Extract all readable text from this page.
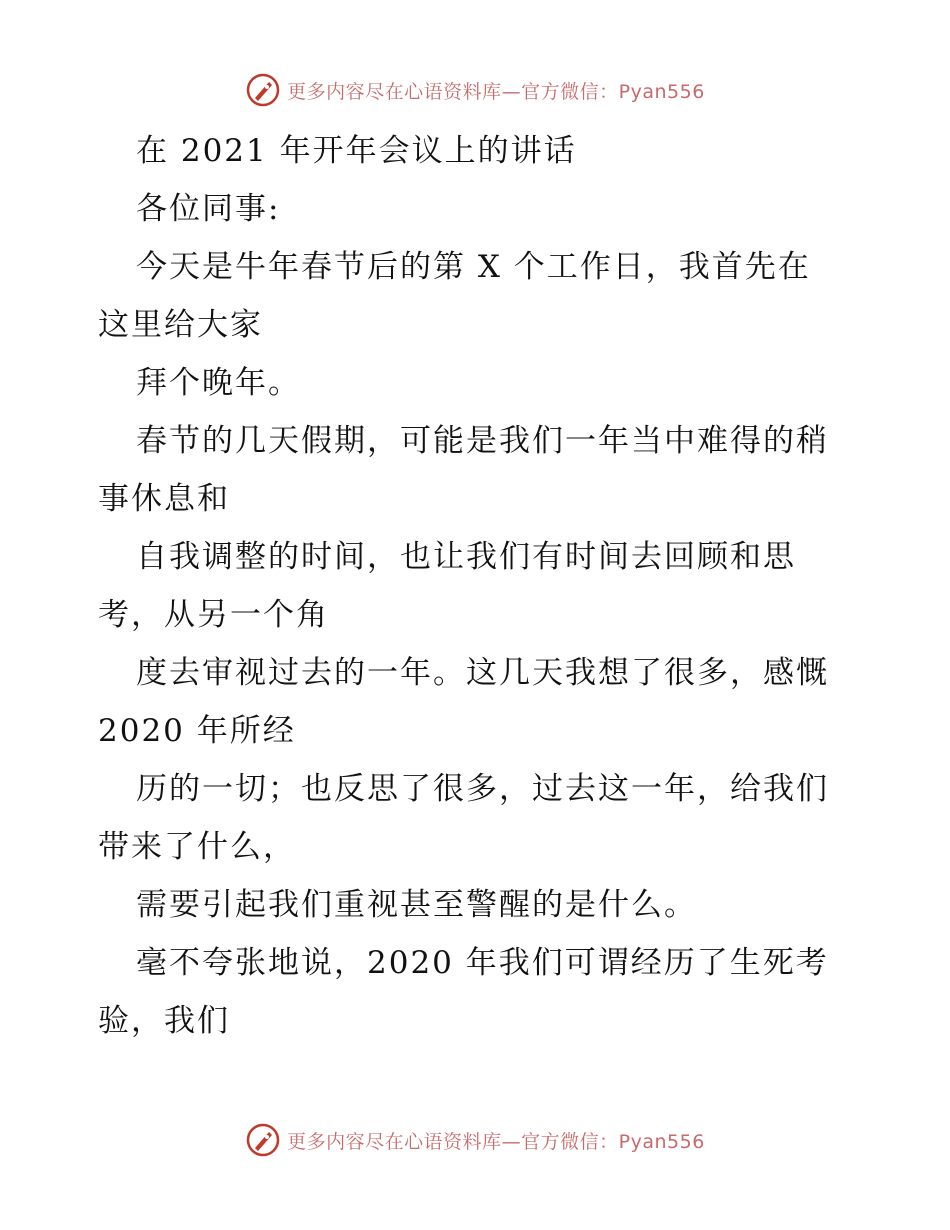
更多内容尽在心语资料库—官方微信：Pyan556
在 2021 年开年会议上的讲话
各位同事:
今天是牛年春节后的第 X 个工作日，我首先在
这里给大家
拜个晚年。
春节的几天假期，可能是我们一年当中难得的稍
事休息和
自我调整的时间，也让我们有时间去回顾和思
考，从另一个角
度去审视过去的一年。这几天我想了很多，感慨
2020 年所经
历的一切；也反思了很多，过去这一年，给我们
带来了什么，
需要引起我们重视甚至警醒的是什么。
毫不夸张地说，2020 年我们可谓经历了生死考
验，我们
更多内容尽在心语资料库—官方微信：Pyan556
